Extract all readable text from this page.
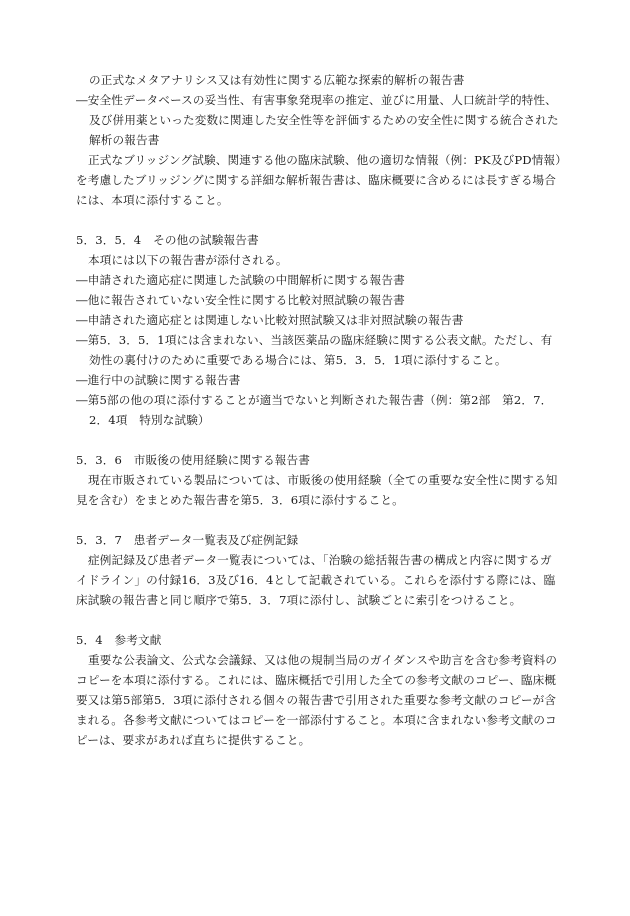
の正式なメタアナリシス又は有効性に関する広範な探索的解析の報告書
―安全性データベースの妥当性、有害事象発現率の推定、並びに用量、人口統計学的特性、及び併用薬といった変数に関連した安全性等を評価するための安全性に関する統合された解析の報告書
正式なブリッジング試験、関連する他の臨床試験、他の適切な情報（例：PK及びPD情報）を考慮したブリッジングに関する詳細な解析報告書は、臨床概要に含めるには長すぎる場合には、本項に添付すること。
5．3．5．4　その他の試験報告書
本項には以下の報告書が添付される。
―申請された適応症に関連した試験の中間解析に関する報告書
―他に報告されていない安全性に関する比較対照試験の報告書
―申請された適応症とは関連しない比較対照試験又は非対照試験の報告書
―第5．3．5．1項には含まれない、当該医薬品の臨床経験に関する公表文献。ただし、有効性の裏付けのために重要である場合には、第5．3．5．1項に添付すること。
―進行中の試験に関する報告書
―第5部の他の項に添付することが適当でないと判断された報告書（例：第2部　第2．7．2．4項　特別な試験）
5．3．6　市販後の使用経験に関する報告書
現在市販されている製品については、市販後の使用経験（全ての重要な安全性に関する知見を含む）をまとめた報告書を第5．3．6項に添付すること。
5．3．7　患者データ一覧表及び症例記録
症例記録及び患者データ一覧表については、「治験の総括報告書の構成と内容に関するガイドライン」の付録16．3及び16．4として記載されている。これらを添付する際には、臨床試験の報告書と同じ順序で第5．3．7項に添付し、試験ごとに索引をつけること。
5．4　参考文献
重要な公表論文、公式な会議録、又は他の規制当局のガイダンスや助言を含む参考資料のコピーを本項に添付する。これには、臨床概括で引用した全ての参考文献のコピー、臨床概要又は第5部第5．3項に添付される個々の報告書で引用された重要な参考文献のコピーが含まれる。各参考文献についてはコピーを一部添付すること。本項に含まれない参考文献のコピーは、要求があれば直ちに提供すること。
